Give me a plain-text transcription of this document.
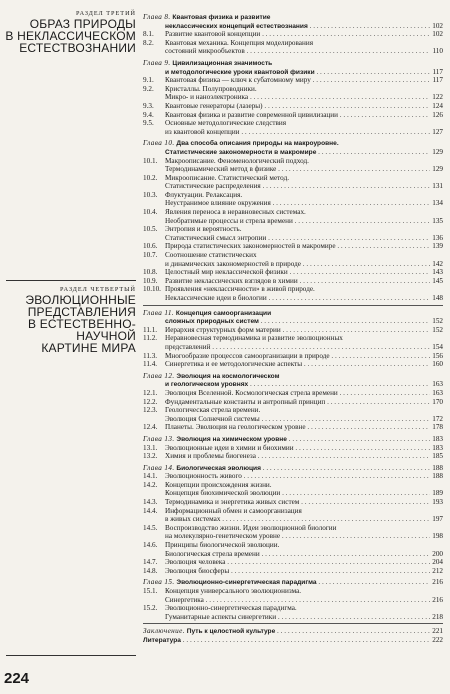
РАЗДЕЛ ТРЕТИЙ
ОБРАЗ ПРИРОДЫ
В НЕКЛАССИЧЕСКОМ
ЕСТЕСТВОЗНАНИИ
РАЗДЕЛ ЧЕТВЕРТЫЙ
ЭВОЛЮЦИОННЫЕ
ПРЕДСТАВЛЕНИЯ
В ЕСТЕСТВЕННО-
НАУЧНОЙ
КАРТИНЕ МИРА
224
Глава 8. Квантовая физика и развитие
неклассических концепций естествознания . . .	102
8.1. Развитие квантовой концепции . . .	102
8.2. Квантовая механика. Концепция моделирования
состояний микрообъектов . . .	110
Глава 9. Цивилизационная значимость
и методологические уроки квантовой физики . . .	117
9.1. Квантовая физика — ключ к субатомному миру . . .	117
9.2. Кристаллы. Полупроводники.
Микро- и наноэлектроника . . .	122
9.3. Квантовые генераторы (лазеры) . . .	124
9.4. Квантовая физика и развитие современной цивилизации . . .	126
9.5. Основные методологические следствия
из квантовой концепции . . .	127
Глава 10. Два способа описания природы на макроуровне.
Статистические закономерности в макромире . . .	129
10.1. Макроописание. Феноменологический подход.
Термодинамический метод в физике . . .	129
10.2. Микроописание. Статистический метод.
Статистические распределения . . .	131
10.3. Флуктуации. Релаксация.
Неустранимое влияние окружения . . .	134
10.4. Явления переноса в неравновесных системах.
Необратимые процессы и стрела времени . . .	135
10.5. Энтропия и вероятность.
Статистический смысл энтропии . . .	136
10.6. Природа статистических закономерностей в макромире . . .	139
10.7. Соотношение статистических
и динамических закономерностей в природе . . .	142
10.8. Целостный мир неклассической физики . . .	143
10.9. Развитие неклассических взглядов в химии . . .	145
10.10. Проявления «неклассичности» в живой природе.
Неклассические идеи в биологии . . .	148
Глава 11. Концепция самоорганизации
сложных природных систем . . .	152
11.1. Иерархия структурных форм материи . . .	152
11.2. Неравновесная термодинамика и развитие эволюционных
представлений . . .	154
11.3. Многообразие процессов самоорганизации в природе . . .	156
11.4. Синергетика и ее методологические аспекты . . .	160
Глава 12. Эволюция на космологическом
и геологическом уровнях . . .	163
12.1. Эволюция Вселенной. Космологическая стрела времени . . .	163
12.2. Фундаментальные константы и антропный принцип . . .	170
12.3. Геологическая стрела времени.
Эволюция Солнечной системы . . .	172
12.4. Планеты. Эволюция на геологическом уровне . . .	178
Глава 13. Эволюция на химическом уровне . . .	183
13.1. Эволюционные идеи в химии и биохимии . . .	183
13.2. Химия и проблемы биогенеза . . .	185
Глава 14. Биологическая эволюция . . .	188
14.1. Эволюционность живого . . .	188
14.2. Концепции происхождения жизни.
Концепция биохимической эволюции . . .	189
14.3. Термодинамика и энергетика живых систем . . .	193
14.4. Информационный обмен и самоорганизация
в живых системах . . .	197
14.5. Воспроизводство жизни. Идеи эволюционной биологии
на молекулярно-генетическом уровне . . .	198
14.6. Принципы биологической эволюции.
Биологическая стрела времени . . .	200
14.7. Эволюция человека . . .	204
14.8. Эволюция биосферы . . .	212
Глава 15. Эволюционно-синергетическая парадигма . . .	216
15.1. Концепция универсального эволюционизма.
Синергетика . . .	216
15.2. Эволюционно-синергетическая парадигма.
Гуманитарные аспекты синергетики . . .	218
Заключение. Путь к целостной культуре . . .	221
Литература . . .	222
